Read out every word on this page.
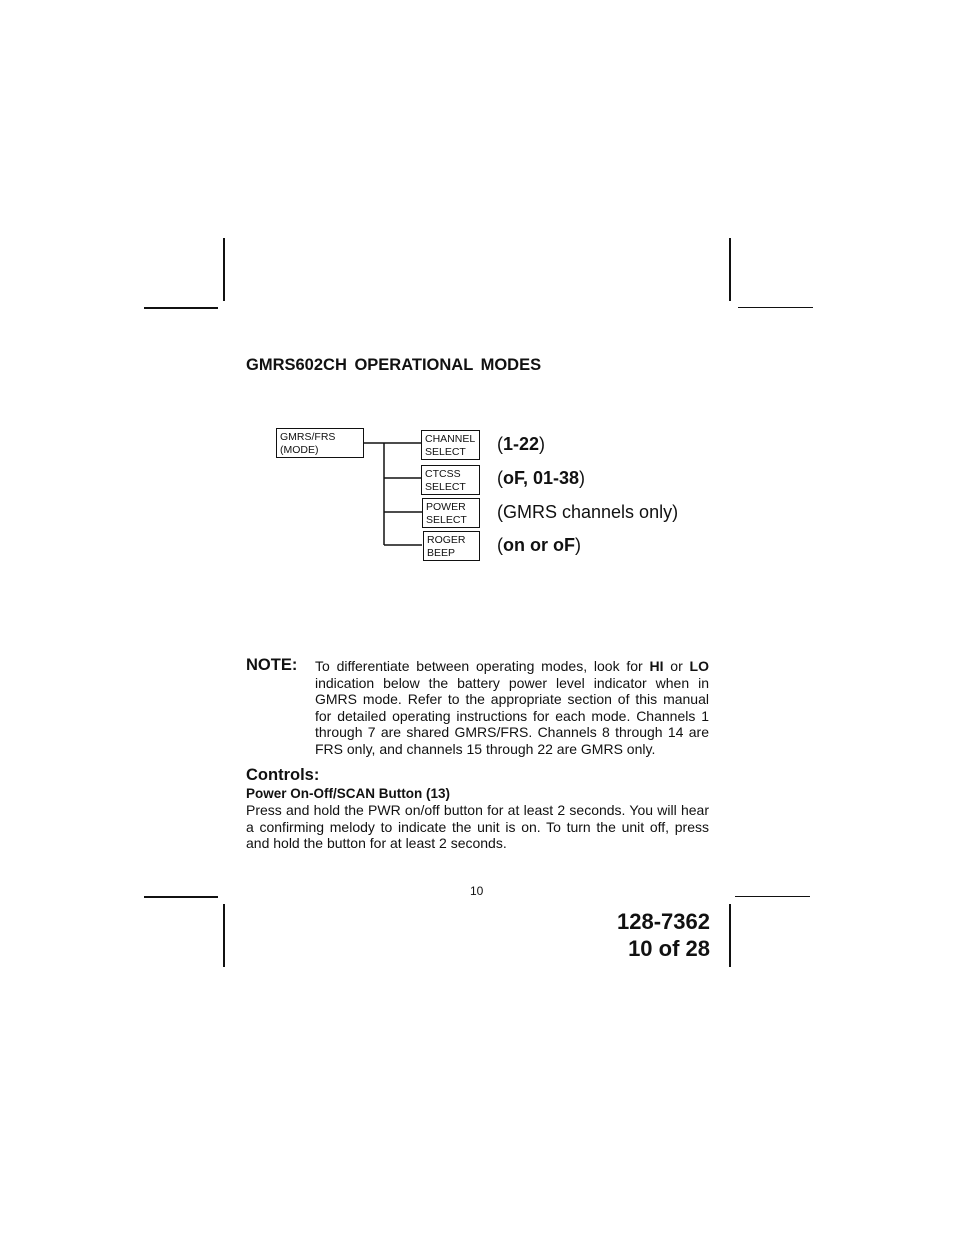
GMRS602CH OPERATIONAL MODES
GMRS/FRS
(MODE)
CHANNEL
SELECT
CTCSS
SELECT
POWER
SELECT
ROGER
BEEP
(1-22)
(oF, 01-38)
(GMRS channels only)
(on or oF)
NOTE: To differentiate between operating modes, look for HI or LO indication below the battery power level indicator when in GMRS mode. Refer to the appropriate section of this manual for detailed operating instructions for each mode. Channels 1 through 7 are shared GMRS/FRS. Channels 8 through 14 are FRS only, and channels 15 through 22 are GMRS only.
Controls:
Power On-Off/SCAN Button (13)
Press and hold the PWR on/off button for at least 2 seconds. You will hear a confirming melody to indicate the unit is on. To turn the unit off, press and hold the button for at least 2 seconds.
10
128-7362
10 of 28
